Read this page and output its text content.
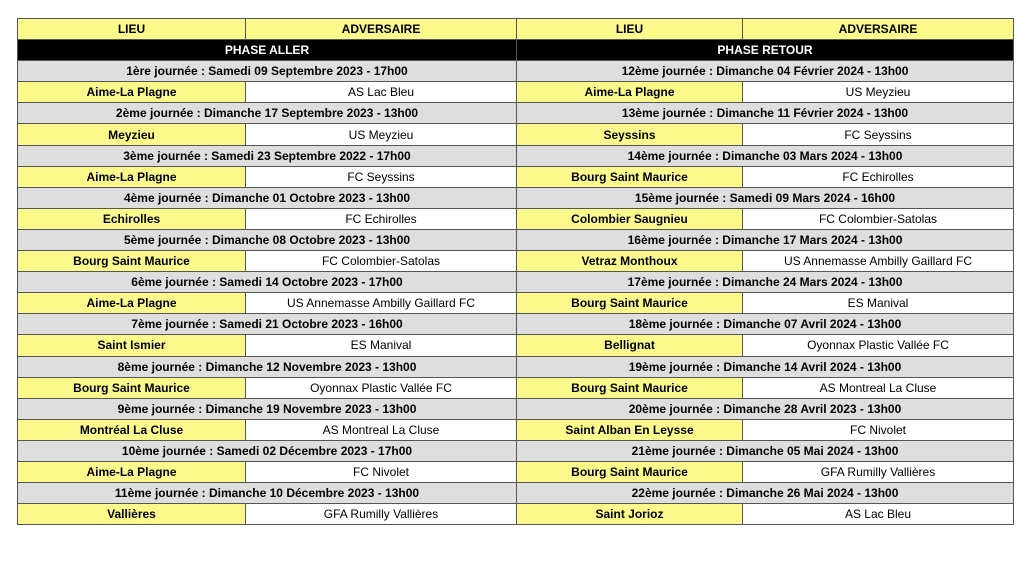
LIEU	ADVERSAIRE	LIEU	ADVERSAIRE
PHASE ALLER		PHASE RETOUR	
1ère journée : Samedi 09 Septembre 2023 - 17h00		12ème journée : Dimanche 04 Février 2024 - 13h00	
Aime-La Plagne	AS Lac Bleu	Aime-La Plagne	US Meyzieu
2ème journée : Dimanche 17 Septembre 2023 - 13h00		13ème journée : Dimanche 11 Février 2024 - 13h00	
Meyzieu	US Meyzieu	Seyssins	FC Seyssins
3ème journée : Samedi 23 Septembre 2022 - 17h00		14ème journée : Dimanche 03 Mars 2024 - 13h00	
Aime-La Plagne	FC Seyssins	Bourg Saint Maurice	FC Echirolles
4ème journée : Dimanche 01 Octobre 2023 - 13h00		15ème journée : Samedi 09 Mars 2024 - 16h00	
Echirolles	FC Echirolles	Colombier Saugnieu	FC Colombier-Satolas
5ème journée : Dimanche 08 Octobre 2023 - 13h00		16ème journée : Dimanche 17 Mars 2024 - 13h00	
Bourg Saint Maurice	FC Colombier-Satolas	Vetraz Monthoux	US Annemasse Ambilly Gaillard FC
6ème journée : Samedi 14 Octobre 2023 - 17h00		17ème journée : Dimanche 24 Mars 2024 - 13h00	
Aime-La Plagne	US Annemasse Ambilly Gaillard FC	Bourg Saint Maurice	ES Manival
7ème journée : Samedi 21 Octobre 2023 - 16h00		18ème journée : Dimanche 07 Avril 2024 - 13h00	
Saint Ismier	ES Manival	Bellignat	Oyonnax Plastic Vallée FC
8ème journée : Dimanche 12 Novembre 2023 - 13h00		19ème journée : Dimanche 14 Avril 2024 - 13h00	
Bourg Saint Maurice	Oyonnax Plastic Vallée FC	Bourg Saint Maurice	AS Montreal La Cluse
9ème journée : Dimanche 19 Novembre 2023 - 13h00		20ème journée : Dimanche 28 Avril 2023 - 13h00	
Montréal La Cluse	AS Montreal La Cluse	Saint Alban En Leysse	FC Nivolet
10ème journée : Samedi 02 Décembre 2023 - 17h00		21ème journée : Dimanche 05 Mai 2024 - 13h00	
Aime-La Plagne	FC Nivolet	Bourg Saint Maurice	GFA Rumilly Vallières
11ème journée : Dimanche 10 Décembre 2023 - 13h00		22ème journée : Dimanche 26 Mai 2024 - 13h00	
Vallières	GFA Rumilly Vallières	Saint Jorioz	AS Lac Bleu
